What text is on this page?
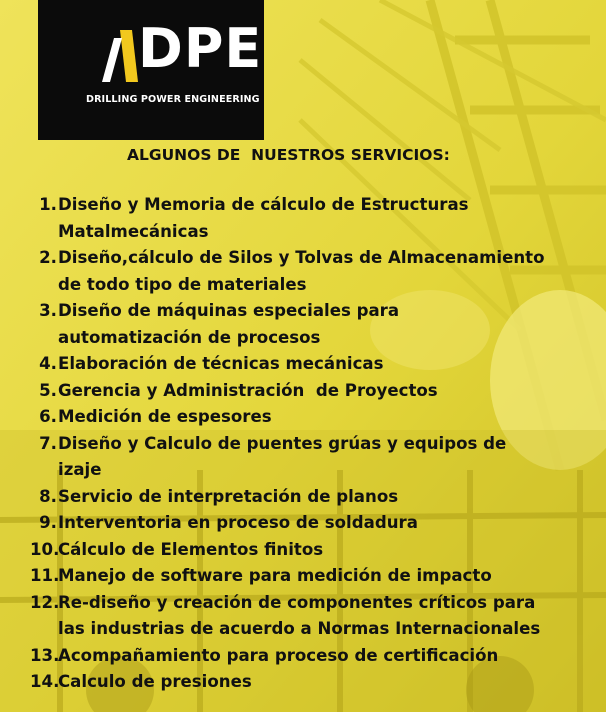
DPE
DRILLING POWER ENGINEERING
ALGUNOS DE  NUESTROS SERVICIOS:
1. Diseño y Memoria de cálculo de Estructuras
Matalmecánicas
2. Diseño,cálculo de Silos y Tolvas de Almacenamiento
de todo tipo de materiales
3. Diseño de máquinas especiales para
automatización de procesos
4. Elaboración de técnicas mecánicas
5. Gerencia y Administración  de Proyectos
6. Medición de espesores
7. Diseño y Calculo de puentes grúas y equipos de
izaje
8. Servicio de interpretación de planos
9. Interventoria en proceso de soldadura
10.
Cálculo de Elementos finitos
11.
Manejo de software para medición de impacto
12.
Re-diseño y creación de componentes críticos para
las industrias de acuerdo a Normas Internacionales
13.
Acompañamiento para proceso de certificación
14.
Calculo de presiones
